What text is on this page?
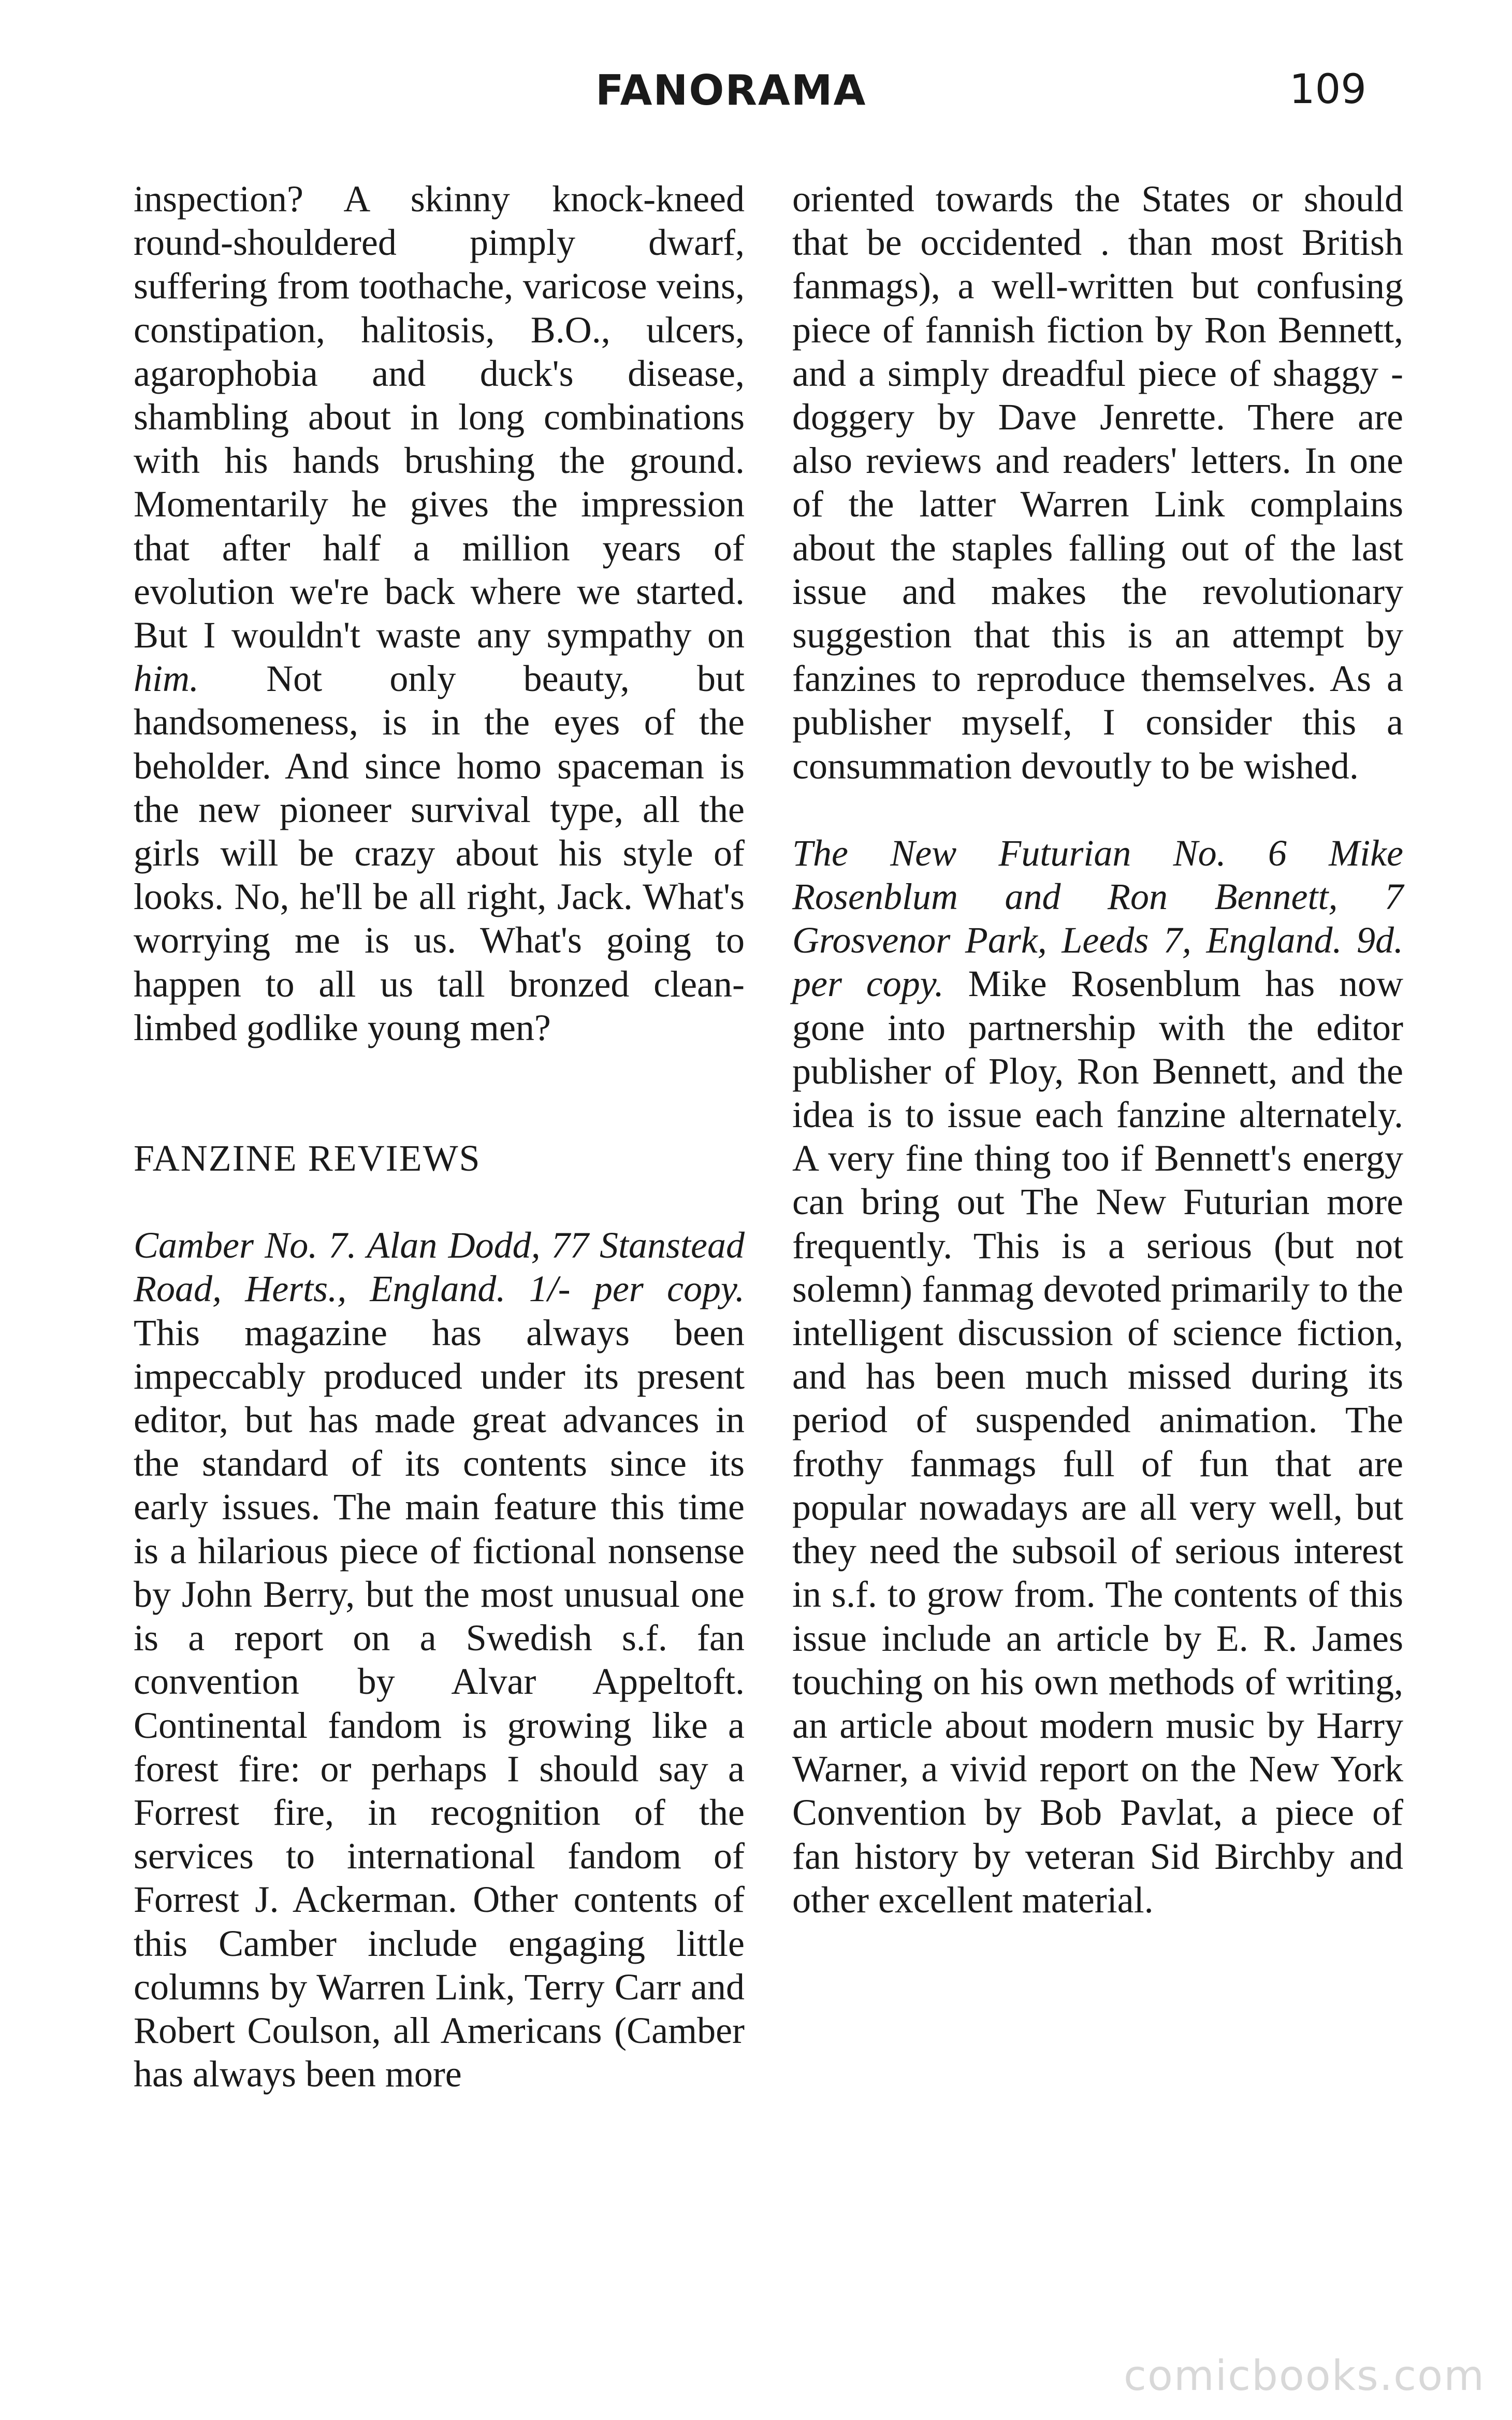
FANORAMA	109

inspection? A skinny knock-kneed round-shouldered pimply dwarf, suffering from toothache, varicose veins, constipation, halitosis, B.O., ulcers, agarophobia and duck's disease, shambling about in long combinations with his hands brushing the ground. Momentarily he gives the impression that after half a million years of evolution we're back where we started. But I wouldn't waste any sympathy on him. Not only beauty, but handsomeness, is in the eyes of the beholder. And since homo spaceman is the new pioneer survival type, all the girls will be crazy about his style of looks. No, he'll be all right, Jack. What's worrying me is us. What's going to happen to all us tall bronzed clean-limbed godlike young men?

FANZINE REVIEWS

Camber No. 7. Alan Dodd, 77 Stanstead Road, Herts., England. 1/- per copy. This magazine has always been impeccably produced under its present editor, but has made great advances in the standard of its contents since its early issues. The main feature this time is a hilarious piece of fictional nonsense by John Berry, but the most unusual one is a report on a Swedish s.f. fan convention by Alvar Appeltoft. Continental fandom is growing like a forest fire: or perhaps I should say a Forrest fire, in recognition of the services to international fandom of Forrest J. Ackerman. Other contents of this Camber include engaging little columns by Warren Link, Terry Carr and Robert Coulson, all Americans (Camber has always been more

oriented towards the States or should that be occidented . than most British fanmags), a well-written but confusing piece of fannish fiction by Ron Bennett, and a simply dreadful piece of shaggy - doggery by Dave Jenrette. There are also reviews and readers' letters. In one of the latter Warren Link complains about the staples falling out of the last issue and makes the revolutionary suggestion that this is an attempt by fanzines to reproduce themselves. As a publisher myself, I consider this a consummation devoutly to be wished.

The New Futurian No. 6 Mike Rosenblum and Ron Bennett, 7 Grosvenor Park, Leeds 7, England. 9d. per copy. Mike Rosenblum has now gone into partnership with the editor publisher of Ploy, Ron Bennett, and the idea is to issue each fanzine alternately. A very fine thing too if Bennett's energy can bring out The New Futurian more frequently. This is a serious (but not solemn) fanmag devoted primarily to the intelligent discussion of science fiction, and has been much missed during its period of suspended animation. The frothy fanmags full of fun that are popular nowadays are all very well, but they need the subsoil of serious interest in s.f. to grow from. The contents of this issue include an article by E. R. James touching on his own methods of writing, an article about modern music by Harry Warner, a vivid report on the New York Convention by Bob Pavlat, a piece of fan history by veteran Sid Birchby and other excellent material.

comicbooks.com
